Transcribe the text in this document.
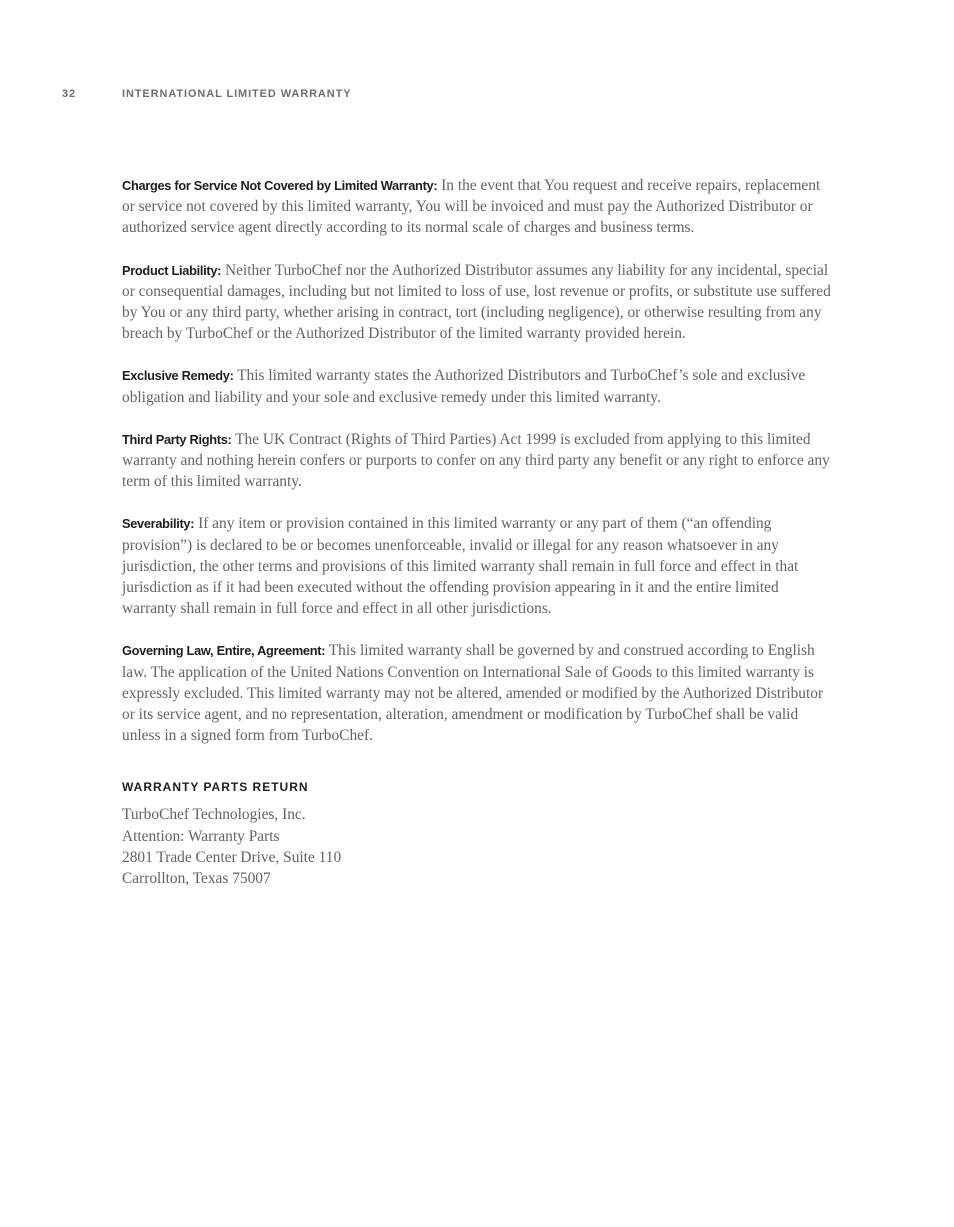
32	INTERNATIONAL LIMITED WARRANTY

Charges for Service Not Covered by Limited Warranty: In the event that You request and receive repairs, replacement or service not covered by this limited warranty, You will be invoiced and must pay the Authorized Distributor or authorized service agent directly according to its normal scale of charges and business terms.

Product Liability: Neither TurboChef nor the Authorized Distributor assumes any liability for any incidental, special or consequential damages, including but not limited to loss of use, lost revenue or profits, or substitute use suffered by You or any third party, whether arising in contract, tort (including negligence), or otherwise resulting from any breach by TurboChef or the Authorized Distributor of the limited warranty provided herein.

Exclusive Remedy: This limited warranty states the Authorized Distributors and TurboChef’s sole and exclusive obligation and liability and your sole and exclusive remedy under this limited warranty.

Third Party Rights: The UK Contract (Rights of Third Parties) Act 1999 is excluded from applying to this limited warranty and nothing herein confers or purports to confer on any third party any benefit or any right to enforce any term of this limited warranty.

Severability: If any item or provision contained in this limited warranty or any part of them (“an offending provision”) is declared to be or becomes unenforceable, invalid or illegal for any reason whatsoever in any jurisdiction, the other terms and provisions of this limited warranty shall remain in full force and effect in that jurisdiction as if it had been executed without the offending provision appearing in it and the entire limited warranty shall remain in full force and effect in all other jurisdictions.

Governing Law, Entire, Agreement: This limited warranty shall be governed by and construed according to English law. The application of the United Nations Convention on International Sale of Goods to this limited warranty is expressly excluded. This limited warranty may not be altered, amended or modified by the Authorized Distributor or its service agent, and no representation, alteration, amendment or modification by TurboChef shall be valid unless in a signed form from TurboChef.

WARRANTY PARTS RETURN
TurboChef Technologies, Inc.
Attention: Warranty Parts
2801 Trade Center Drive, Suite 110
Carrollton, Texas 75007
